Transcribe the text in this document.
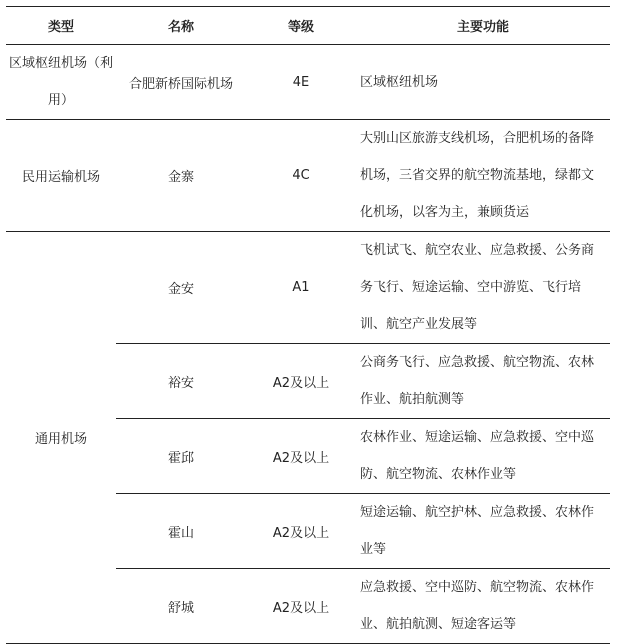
类型	名称	等级	主要功能
区域枢纽机场（利用）	合肥新桥国际机场	4E	区域枢纽机场
民用运输机场	金寨	4C	大别山区旅游支线机场，合肥机场的备降机场，三省交界的航空物流基地，绿都文化机场，以客为主，兼顾货运
通用机场	金安	A1	飞机试飞、航空农业、应急救援、公务商务飞行、短途运输、空中游览、飞行培训、航空产业发展等
	裕安	A2及以上	公商务飞行、应急救援、航空物流、农林作业、航拍航测等
	霍邱	A2及以上	农林作业、短途运输、应急救援、空中巡防、航空物流、农林作业等
	霍山	A2及以上	短途运输、航空护林、应急救援、农林作业等
	舒城	A2及以上	应急救援、空中巡防、航空物流、农林作业、航拍航测、短途客运等
